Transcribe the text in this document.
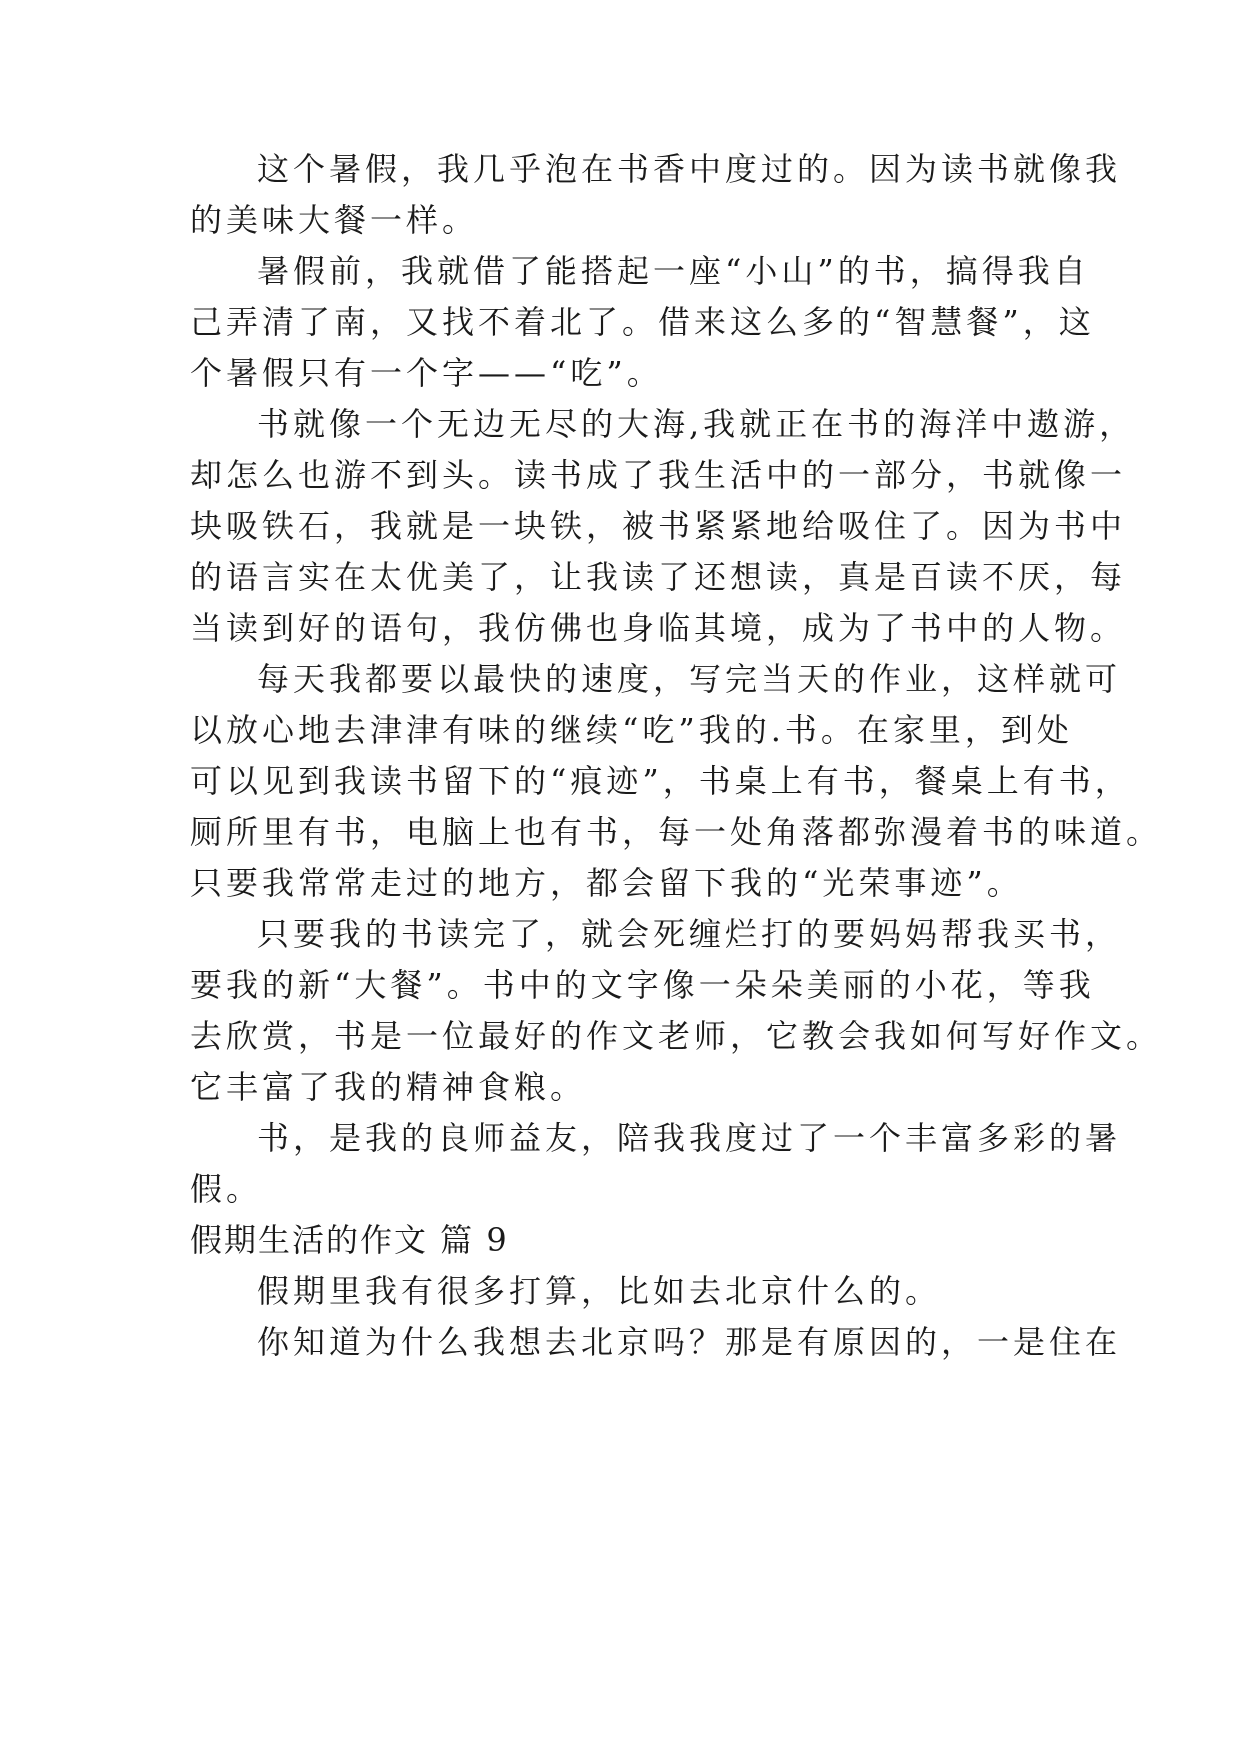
这个暑假，我几乎泡在书香中度过的。因为读书就像我
的美味大餐一样。
暑假前，我就借了能搭起一座“小山”的书，搞得我自
己弄清了南，又找不着北了。借来这么多的“智慧餐”，这
个暑假只有一个字——“吃”。
书就像一个无边无尽的大海,我就正在书的海洋中遨游，
却怎么也游不到头。读书成了我生活中的一部分，书就像一
块吸铁石，我就是一块铁，被书紧紧地给吸住了。因为书中
的语言实在太优美了，让我读了还想读，真是百读不厌，每
当读到好的语句，我仿佛也身临其境，成为了书中的人物。
每天我都要以最快的速度，写完当天的作业，这样就可
以放心地去津津有味的继续“吃”我的.书。在家里，到处
可以见到我读书留下的“痕迹”，书桌上有书，餐桌上有书，
厕所里有书，电脑上也有书，每一处角落都弥漫着书的味道。
只要我常常走过的地方，都会留下我的“光荣事迹”。
只要我的书读完了，就会死缠烂打的要妈妈帮我买书，
要我的新“大餐”。书中的文字像一朵朵美丽的小花，等我
去欣赏，书是一位最好的作文老师，它教会我如何写好作文。
它丰富了我的精神食粮。
书，是我的良师益友，陪我我度过了一个丰富多彩的暑
假。
假期生活的作文 篇 9
假期里我有很多打算，比如去北京什么的。
你知道为什么我想去北京吗？那是有原因的，一是住在
